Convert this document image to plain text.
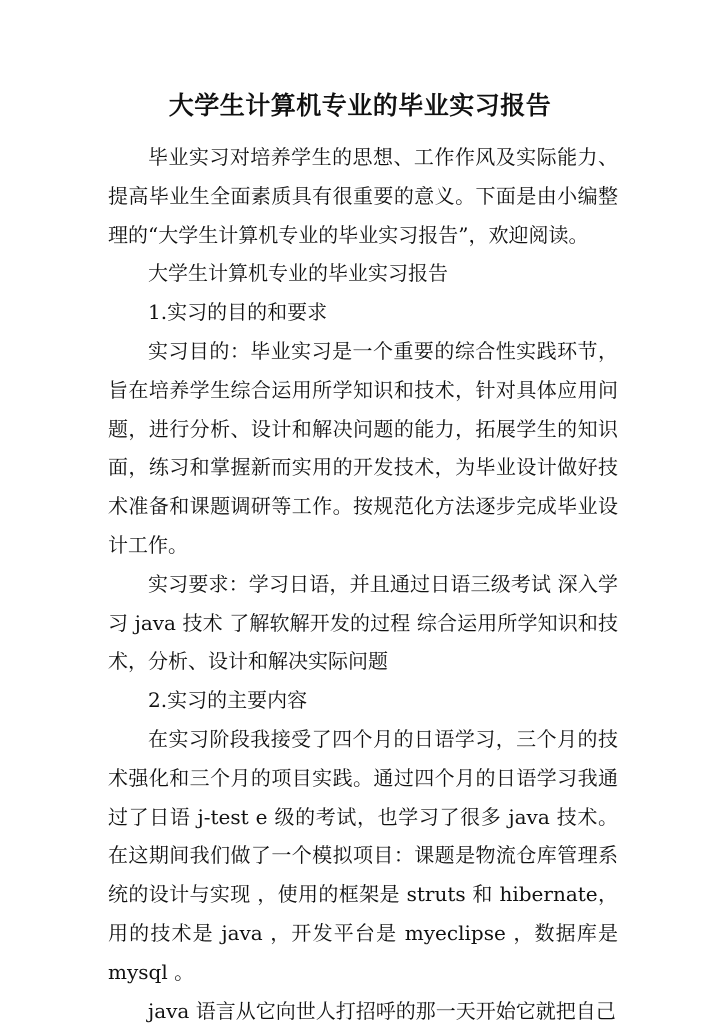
大学生计算机专业的毕业实习报告

毕业实习对培养学生的思想、工作作风及实际能力、提高毕业生全面素质具有很重要的意义。下面是由小编整理的“大学生计算机专业的毕业实习报告”，欢迎阅读。

大学生计算机专业的毕业实习报告

1.实习的目的和要求

实习目的：毕业实习是一个重要的综合性实践环节，旨在培养学生综合运用所学知识和技术，针对具体应用问题，进行分析、设计和解决问题的能力，拓展学生的知识面，练习和掌握新而实用的开发技术，为毕业设计做好技术准备和课题调研等工作。按规范化方法逐步完成毕业设计工作。

实习要求：学习日语，并且通过日语三级考试 深入学习 java 技术 了解软解开发的过程 综合运用所学知识和技术，分析、设计和解决实际问题

2.实习的主要内容

在实习阶段我接受了四个月的日语学习，三个月的技术强化和三个月的项目实践。通过四个月的日语学习我通过了日语 j-test e 级的考试，也学习了很多 java 技术。在这期间我们做了一个模拟项目：课题是物流仓库管理系统的设计与实现 ，使用的框架是 struts 和 hibernate，用的技术是 java ，开发平台是 myeclipse ，数据库是 mysql 。

java 语言从它向世人打招呼的那一天开始它就把自己
